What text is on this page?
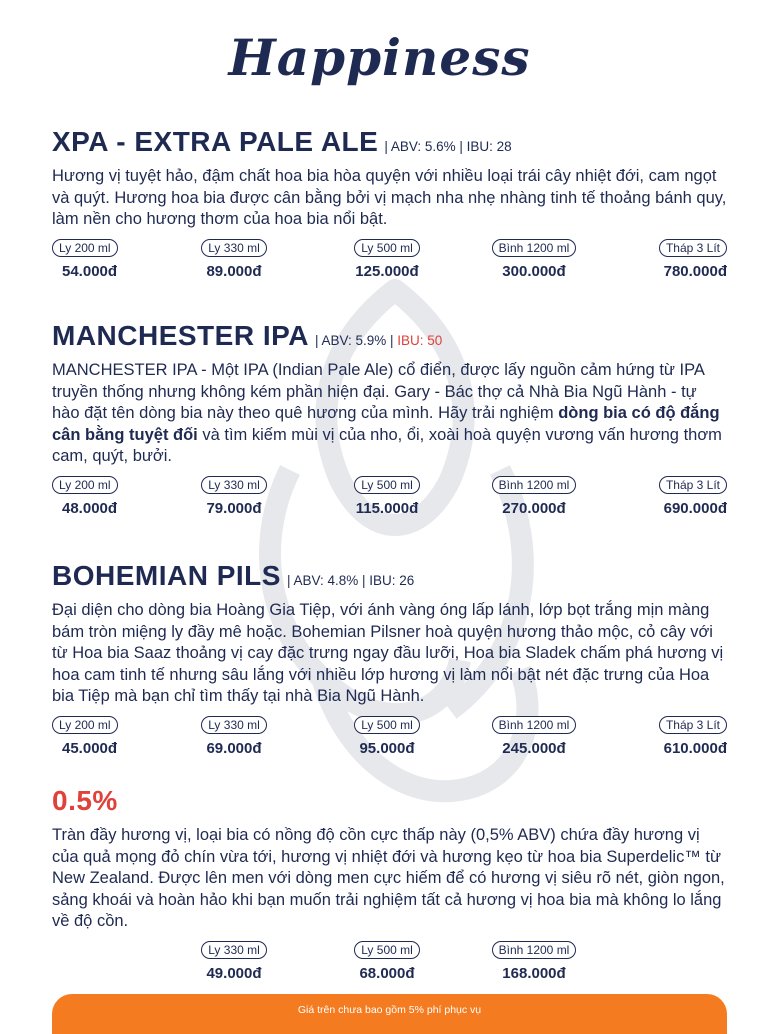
Happiness
XPA - EXTRA PALE ALE | ABV: 5.6% | IBU: 28
Hương vị tuyệt hảo, đậm chất hoa bia hòa quyện với nhiều loại trái cây nhiệt đới, cam ngọt và quýt. Hương hoa bia được cân bằng bởi vị mạch nha nhẹ nhàng tinh tế thoảng bánh quy, làm nền cho hương thơm của hoa bia nổi bật.
Ly 200 ml
54.000đ
Ly 330 ml
89.000đ
Ly 500 ml
125.000đ
Bình 1200 ml
300.000đ
Tháp 3 Lít
780.000đ
MANCHESTER IPA | ABV: 5.9% | IBU: 50
MANCHESTER IPA - Một IPA (Indian Pale Ale) cổ điển, được lấy nguồn cảm hứng từ IPA truyền thống nhưng không kém phần hiện đại. Gary - Bác thợ cả Nhà Bia Ngũ Hành - tự hào đặt tên dòng bia này theo quê hương của mình. Hãy trải nghiệm dòng bia có độ đắng cân bằng tuyệt đối và tìm kiếm mùi vị của nho, ổi, xoài hoà quyện vương vấn hương thơm cam, quýt, bưởi.
Ly 200 ml
48.000đ
Ly 330 ml
79.000đ
Ly 500 ml
115.000đ
Bình 1200 ml
270.000đ
Tháp 3 Lít
690.000đ
BOHEMIAN PILS | ABV: 4.8% | IBU: 26
Đại diện cho dòng bia Hoàng Gia Tiệp, với ánh vàng óng lấp lánh, lớp bọt trắng mịn màng bám tròn miệng ly đầy mê hoặc. Bohemian Pilsner hoà quyện hương thảo mộc, cỏ cây với từ Hoa bia Saaz thoảng vị cay đặc trưng ngay đầu lưỡi, Hoa bia Sladek chấm phá hương vị hoa cam tinh tế nhưng sâu lắng với nhiều lớp hương vị làm nổi bật nét đặc trưng của Hoa bia Tiệp mà bạn chỉ tìm thấy tại nhà Bia Ngũ Hành.
Ly 200 ml
45.000đ
Ly 330 ml
69.000đ
Ly 500 ml
95.000đ
Bình 1200 ml
245.000đ
Tháp 3 Lít
610.000đ
0.5%
Tràn đầy hương vị, loại bia có nồng độ cồn cực thấp này (0,5% ABV) chứa đầy hương vị của quả mọng đỏ chín vừa tới, hương vị nhiệt đới và hương kẹo từ hoa bia Superdelic™ từ New Zealand. Được lên men với dòng men cực hiếm để có hương vị siêu rõ nét, giòn ngon, sảng khoái và hoàn hảo khi bạn muốn trải nghiệm tất cả hương vị hoa bia mà không lo lắng về độ cồn.
Ly 330 ml
49.000đ
Ly 500 ml
68.000đ
Bình 1200 ml
168.000đ
Giá trên chưa bao gồm 5% phí phục vụ
